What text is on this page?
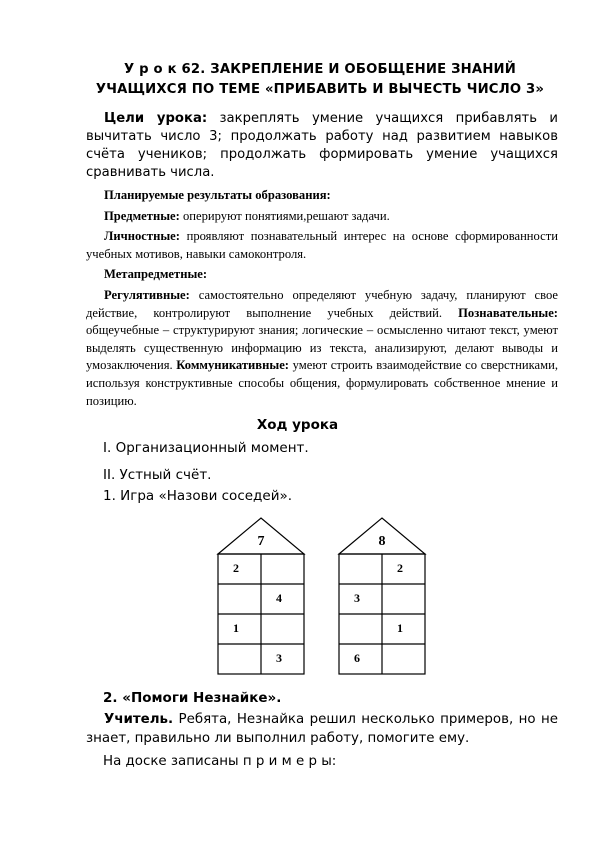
У р о к 62. ЗАКРЕПЛЕНИЕ И ОБОБЩЕНИЕ ЗНАНИЙ
УЧАЩИХСЯ ПО ТЕМЕ «ПРИБАВИТЬ И ВЫЧЕСТЬ ЧИСЛО 3»
Цели урока: закреплять умение учащихся прибавлять и вычитать число 3; продолжать работу над развитием навыков счёта учеников; продолжать формировать умение учащихся сравнивать числа.
Планируемые результаты образования:
Предметные: оперируют понятиями,решают задачи.
Личностные: проявляют познавательный интерес на основе сформированности учебных мотивов, навыки самоконтроля.
Метапредметные:
Регулятивные: самостоятельно определяют учебную задачу, планируют свое действие, контролируют выполнение учебных действий. Познавательные: общеучебные – структурируют знания; логические – осмысленно читают текст, умеют выделять существенную информацию из текста, анализируют, делают выводы и умозаключения. Коммуникативные: умеют строить взаимодействие со сверстниками, используя конструктивные способы общения, формулировать собственное мнение и позицию.
Ход урока
I. Организационный момент.
II. Устный счёт.
1. Игра «Назови соседей».
7
2
4
1
3
8
2
3
1
6
2. «Помоги Незнайке».
Учитель. Ребята, Незнайка решил несколько примеров, но не знает, правильно ли выполнил работу, помогите ему.
На доске записаны п р и м е р ы:
